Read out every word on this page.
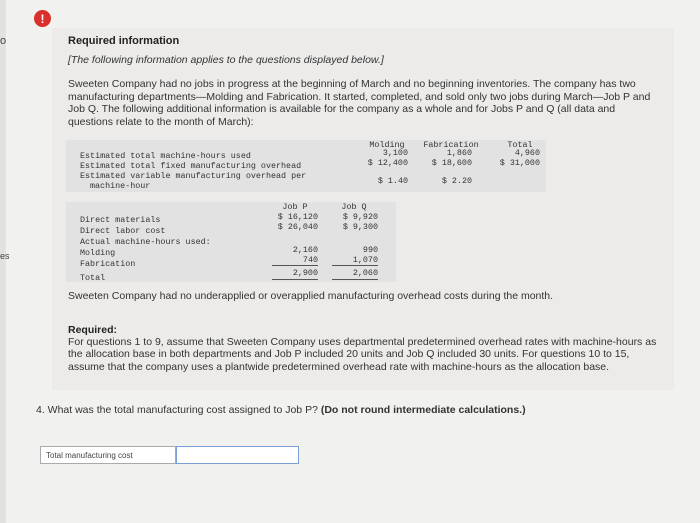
o
es
!
Required information
[The following information applies to the questions displayed below.]
Sweeten Company had no jobs in progress at the beginning of March and no beginning inventories. The company has two manufacturing departments—Molding and Fabrication. It started, completed, and sold only two jobs during March—Job P and Job Q. The following additional information is available for the company as a whole and for Jobs P and Q (all data and questions relate to the month of March):
Molding	Fabrication	Total
Estimated total machine-hours used	3,100	1,860	4,960
Estimated total fixed manufacturing overhead	$ 12,400	$ 18,600	$ 31,000
Estimated variable manufacturing overhead per
machine-hour	$ 1.40	$ 2.20
Job P	Job Q
Direct materials	$ 16,120	$ 9,920
Direct labor cost	$ 26,040	$ 9,300
Actual machine-hours used:
Molding	2,160	990
Fabrication	740	1,070
Total	2,900	2,060
Sweeten Company had no underapplied or overapplied manufacturing overhead costs during the month.
Required:
For questions 1 to 9, assume that Sweeten Company uses departmental predetermined overhead rates with machine-hours as the allocation base in both departments and Job P included 20 units and Job Q included 30 units. For questions 10 to 15, assume that the company uses a plantwide predetermined overhead rate with machine-hours as the allocation base.
4. What was the total manufacturing cost assigned to Job P? (Do not round intermediate calculations.)
Total manufacturing cost
